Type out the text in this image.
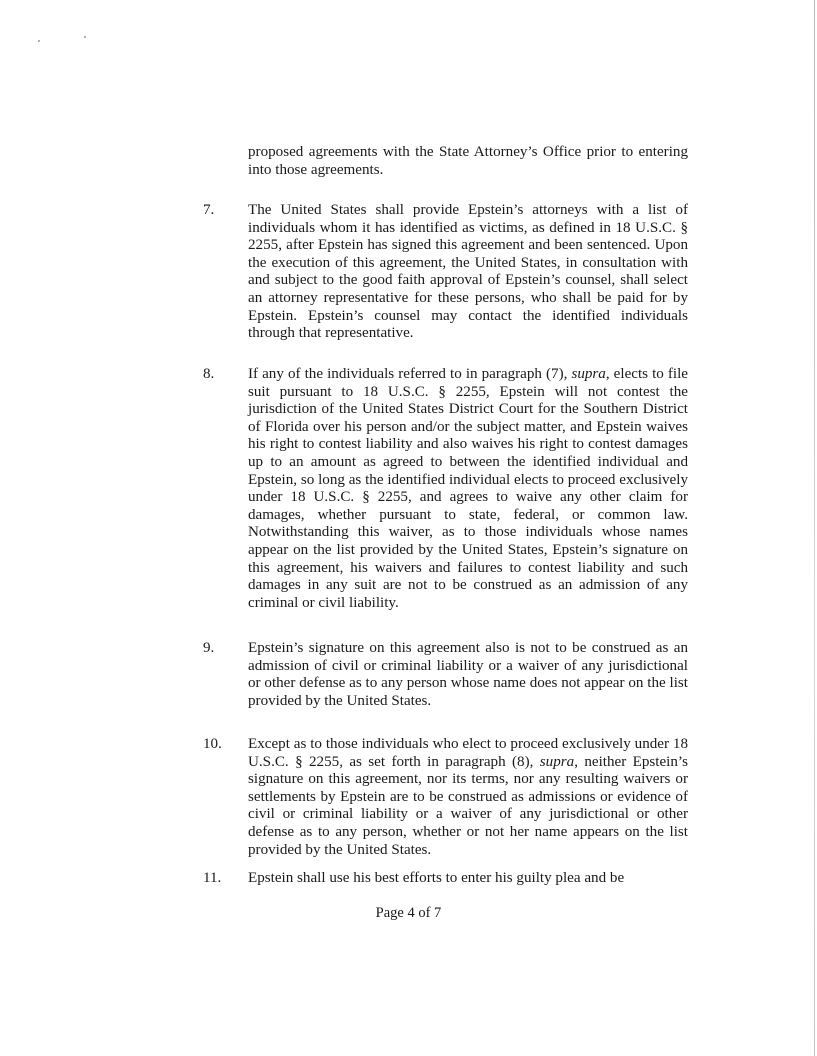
proposed agreements with the State Attorney’s Office prior to entering into those agreements.

7. The United States shall provide Epstein’s attorneys with a list of individuals whom it has identified as victims, as defined in 18 U.S.C. § 2255, after Epstein has signed this agreement and been sentenced. Upon the execution of this agreement, the United States, in consultation with and subject to the good faith approval of Epstein’s counsel, shall select an attorney representative for these persons, who shall be paid for by Epstein. Epstein’s counsel may contact the identified individuals through that representative.

8. If any of the individuals referred to in paragraph (7), supra, elects to file suit pursuant to 18 U.S.C. § 2255, Epstein will not contest the jurisdiction of the United States District Court for the Southern District of Florida over his person and/or the subject matter, and Epstein waives his right to contest liability and also waives his right to contest damages up to an amount as agreed to between the identified individual and Epstein, so long as the identified individual elects to proceed exclusively under 18 U.S.C. § 2255, and agrees to waive any other claim for damages, whether pursuant to state, federal, or common law. Notwithstanding this waiver, as to those individuals whose names appear on the list provided by the United States, Epstein’s signature on this agreement, his waivers and failures to contest liability and such damages in any suit are not to be construed as an admission of any criminal or civil liability.

9. Epstein’s signature on this agreement also is not to be construed as an admission of civil or criminal liability or a waiver of any jurisdictional or other defense as to any person whose name does not appear on the list provided by the United States.

10. Except as to those individuals who elect to proceed exclusively under 18 U.S.C. § 2255, as set forth in paragraph (8), supra, neither Epstein’s signature on this agreement, nor its terms, nor any resulting waivers or settlements by Epstein are to be construed as admissions or evidence of civil or criminal liability or a waiver of any jurisdictional or other defense as to any person, whether or not her name appears on the list provided by the United States.

11. Epstein shall use his best efforts to enter his guilty plea and be

Page 4 of 7
